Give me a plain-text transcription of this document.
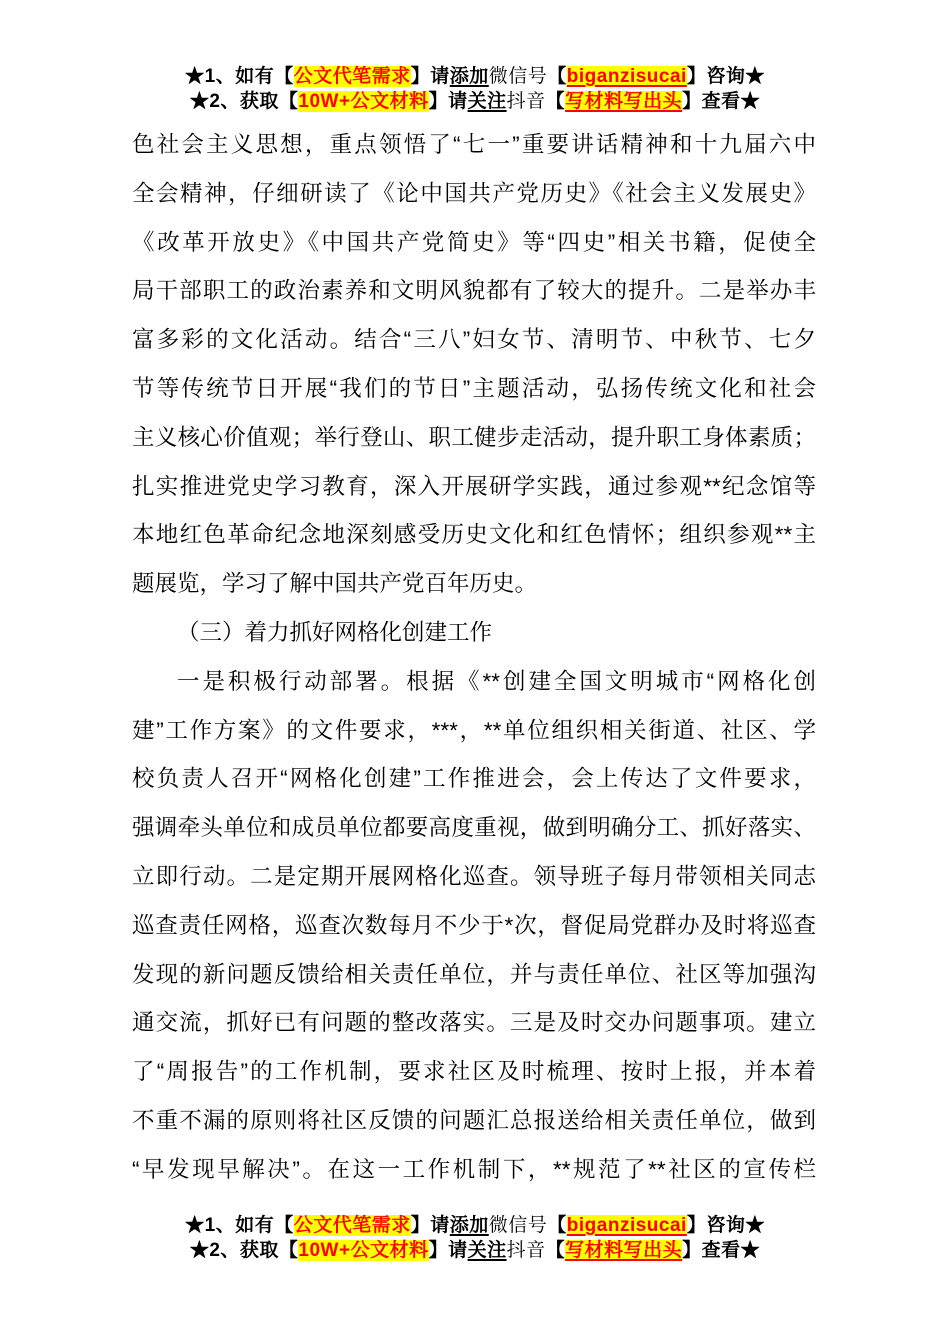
★1、如有【公文代笔需求】请添加微信号【biganzisucai】咨询★
★2、获取【10W+公文材料】请关注抖音【写材料写出头】查看★
色社会主义思想，重点领悟了“七一”重要讲话精神和十九届六中
全会精神，仔细研读了《论中国共产党历史》《社会主义发展史》
《改革开放史》《中国共产党简史》等“四史”相关书籍，促使全
局干部职工的政治素养和文明风貌都有了较大的提升。二是举办丰
富多彩的文化活动。结合“三八”妇女节、清明节、中秋节、七夕
节等传统节日开展“我们的节日”主题活动，弘扬传统文化和社会
主义核心价值观；举行登山、职工健步走活动，提升职工身体素质；
扎实推进党史学习教育，深入开展研学实践，通过参观**纪念馆等
本地红色革命纪念地深刻感受历史文化和红色情怀；组织参观**主
题展览，学习了解中国共产党百年历史。
（三）着力抓好网格化创建工作
一是积极行动部署。根据《**创建全国文明城市“网格化创
建”工作方案》的文件要求，***，**单位组织相关街道、社区、学
校负责人召开“网格化创建”工作推进会，会上传达了文件要求，
强调牵头单位和成员单位都要高度重视，做到明确分工、抓好落实、
立即行动。二是定期开展网格化巡查。领导班子每月带领相关同志
巡查责任网格，巡查次数每月不少于*次，督促局党群办及时将巡查
发现的新问题反馈给相关责任单位，并与责任单位、社区等加强沟
通交流，抓好已有问题的整改落实。三是及时交办问题事项。建立
了“周报告”的工作机制，要求社区及时梳理、按时上报，并本着
不重不漏的原则将社区反馈的问题汇总报送给相关责任单位，做到
“早发现早解决”。在这一工作机制下，**规范了**社区的宣传栏
★1、如有【公文代笔需求】请添加微信号【biganzisucai】咨询★
★2、获取【10W+公文材料】请关注抖音【写材料写出头】查看★
